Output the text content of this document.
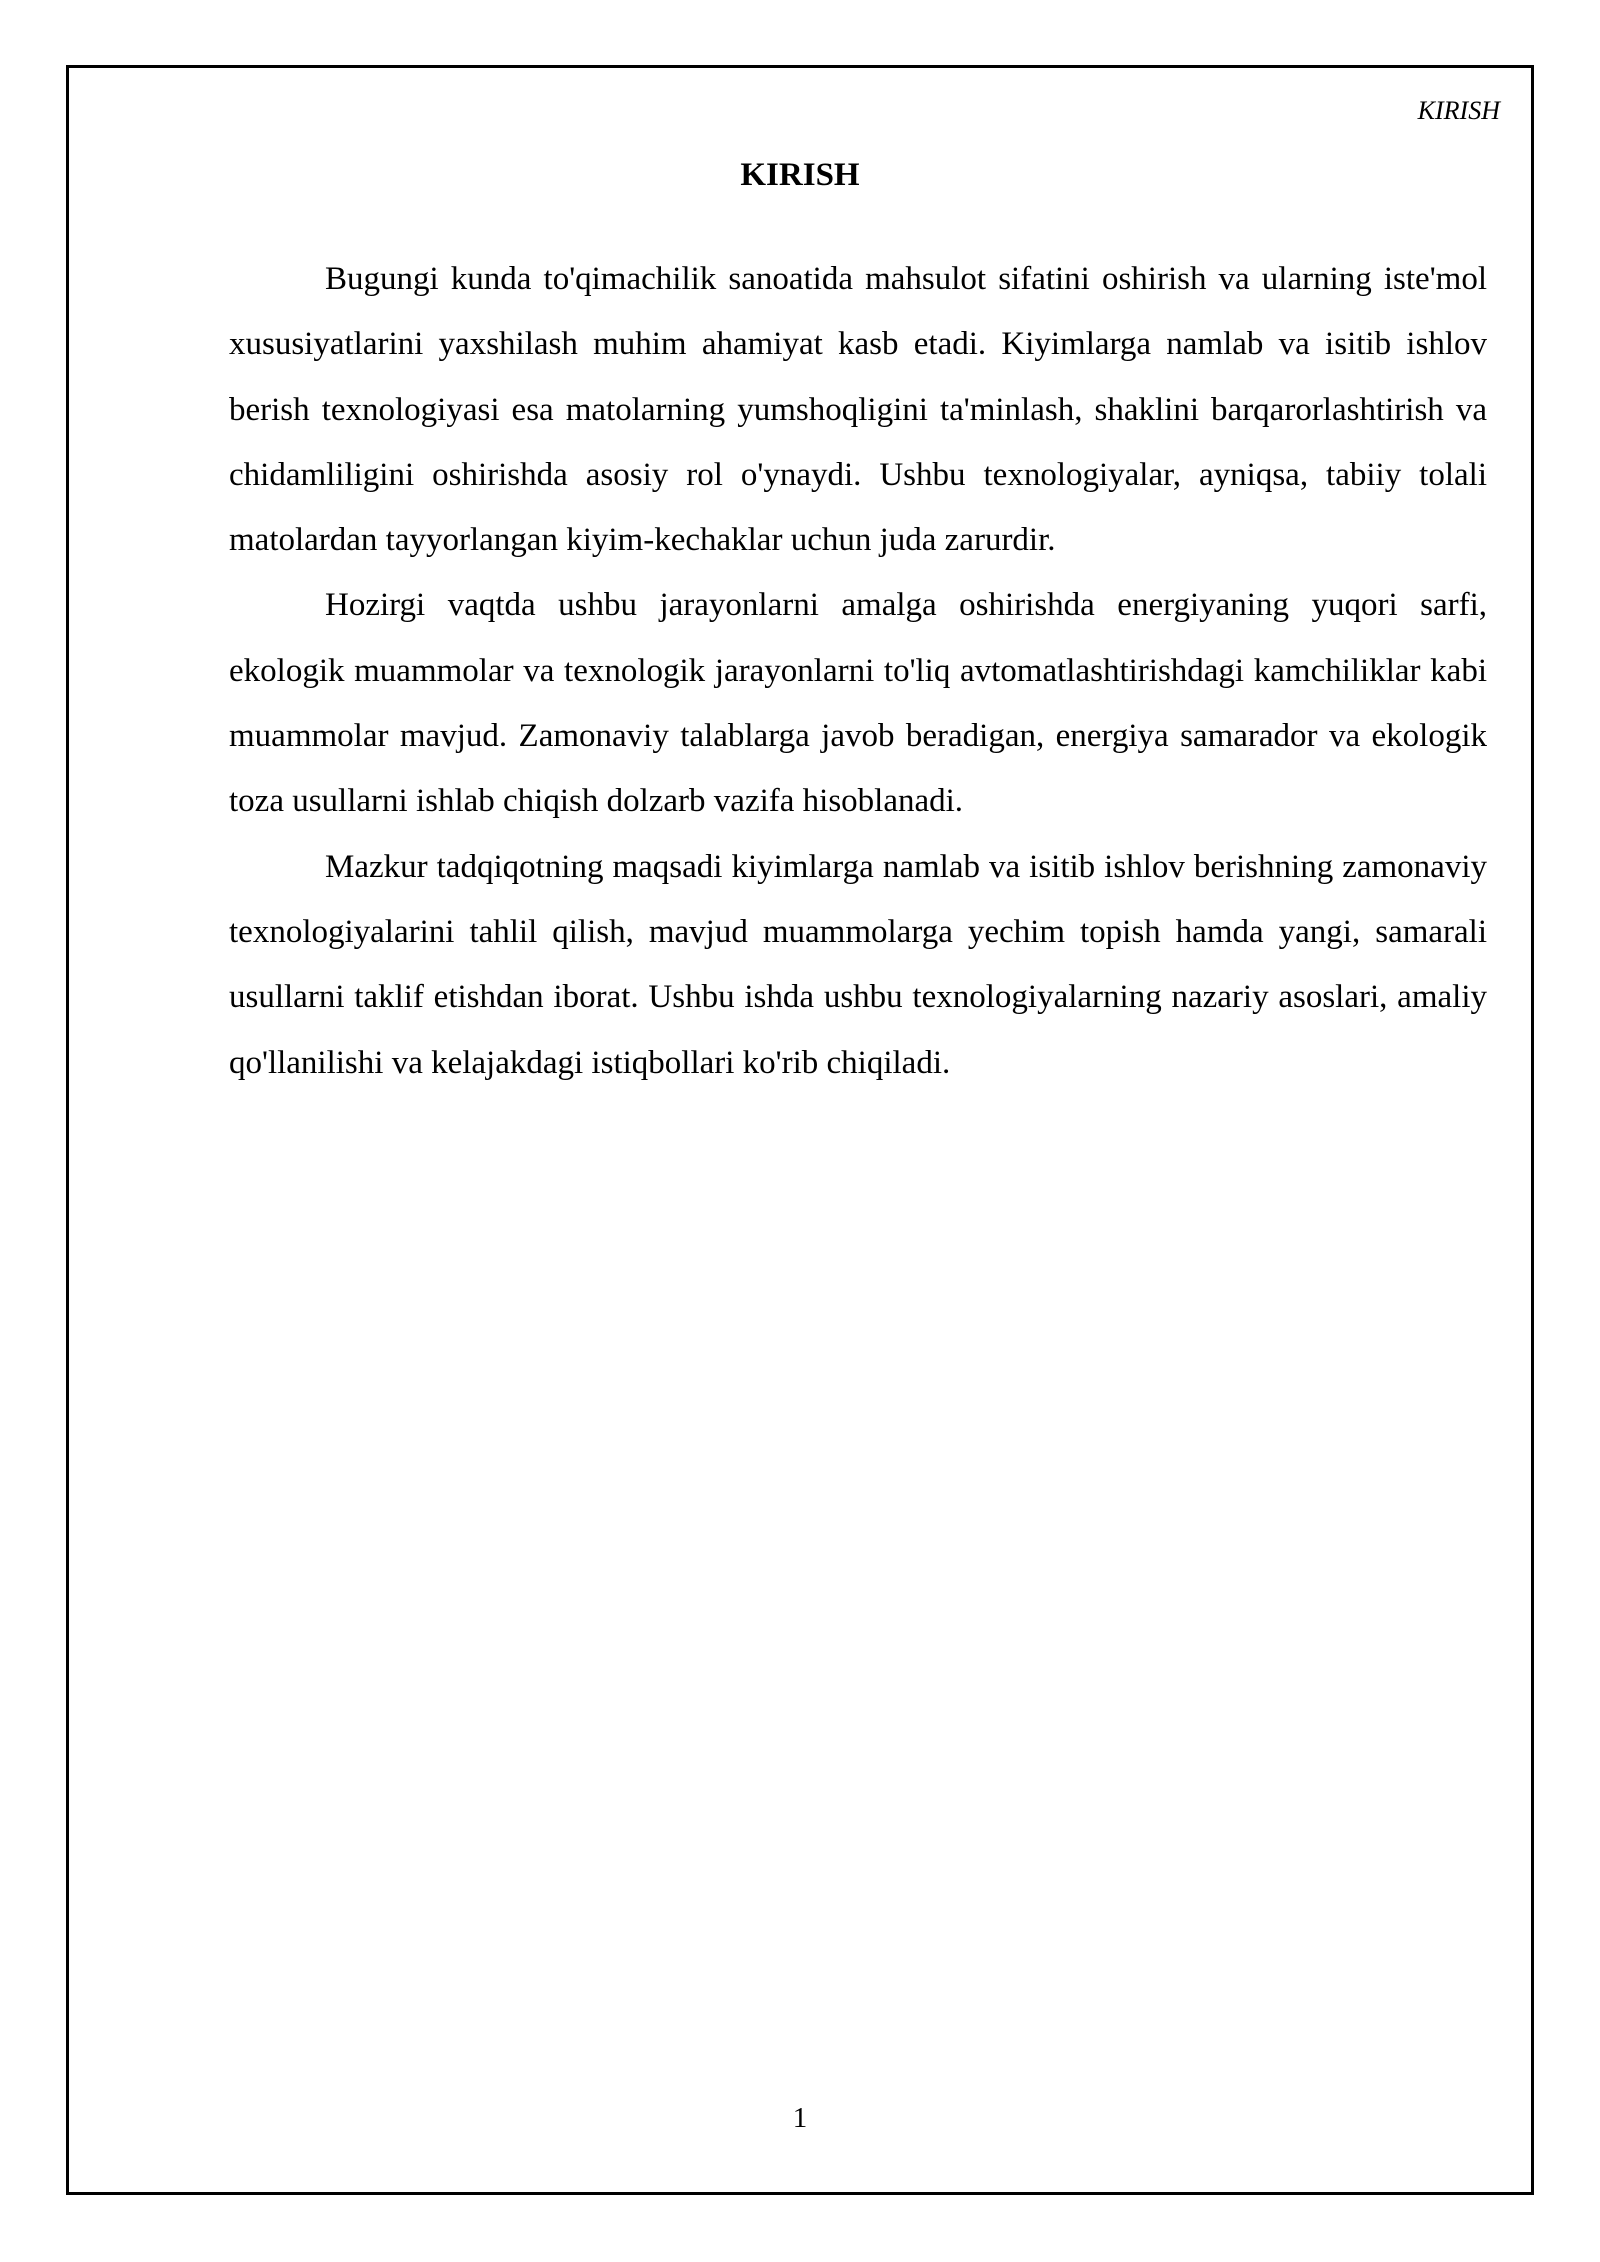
KIRISH
KIRISH

Bugungi kunda to'qimachilik sanoatida mahsulot sifatini oshirish va ularning iste'mol xususiyatlarini yaxshilash muhim ahamiyat kasb etadi. Kiyimlarga namlab va isitib ishlov berish texnologiyasi esa matolarning yumshoqligini ta'minlash, shaklini barqarorlashtirish va chidamliligini oshirishda asosiy rol o'ynaydi. Ushbu texnologiyalar, ayniqsa, tabiiy tolali matolardan tayyorlangan kiyim-kechaklar uchun juda zarurdir.

Hozirgi vaqtda ushbu jarayonlarni amalga oshirishda energiyaning yuqori sarfi, ekologik muammolar va texnologik jarayonlarni to'liq avtomatlashtirishdagi kamchiliklar kabi muammolar mavjud. Zamonaviy talablarga javob beradigan, energiya samarador va ekologik toza usullarni ishlab chiqish dolzarb vazifa hisoblanadi.

Mazkur tadqiqotning maqsadi kiyimlarga namlab va isitib ishlov berishning zamonaviy texnologiyalarini tahlil qilish, mavjud muammolarga yechim topish hamda yangi, samarali usullarni taklif etishdan iborat. Ushbu ishda ushbu texnologiyalarning nazariy asoslari, amaliy qo'llanilishi va kelajakdagi istiqbollari ko'rib chiqiladi.

1
